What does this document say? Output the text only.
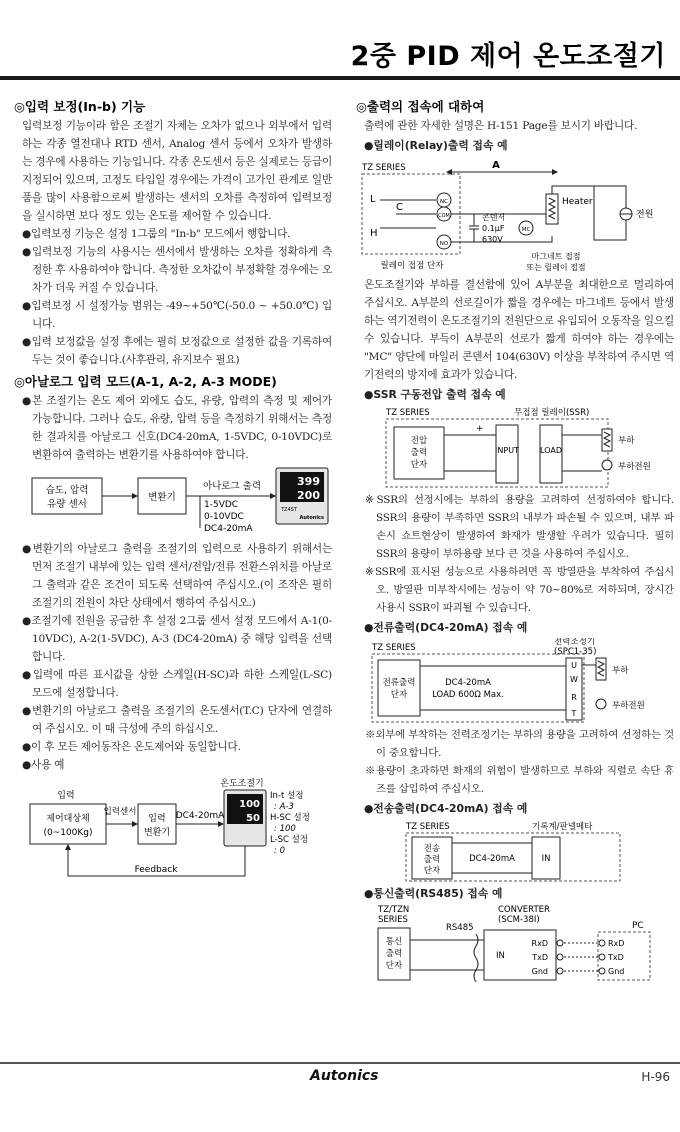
2중 PID 제어 온도조절기
◎입력 보정(In-b) 기능
입력보정 기능이라 함은 조절기 자체는 오차가 없으나 외부에서 입력하는 각종 열전대나 RTD 센서, Analog 센서 등에서 오차가 발생하는 경우에 사용하는 기능입니다. 각종 온도센서 등은 실제로는 등급이 지정되어 있으며, 고정도 타입일 경우에는 가격이 고가인 관계로 일반품을 많이 사용함으로써 발생하는 센서의 오차를 측정하여 입력보정을 실시하면 보다 정도 있는 온도를 제어할 수 있습니다.
●입력보정 기능은 설정 1그룹의 "In-b" 모드에서 행합니다.
●입력보정 기능의 사용시는 센서에서 발생하는 오차를 정확하게 측정한 후 사용하여야 합니다. 측정한 오차값이 부정확할 경우에는 오차가 더욱 커질 수 있습니다.
●입력보정 시 설정가능 범위는 -49~+50℃(-50.0 ~ +50.0℃) 입니다.
●입력 보정값을 설정 후에는 필히 보정값으로 설정한 값을 기록하여 두는 것이 좋습니다.(사후관리, 유지보수 필요)
◎아날로그 입력 모드(A-1, A-2, A-3 MODE)
●본 조절기는 온도 제어 외에도 습도, 유량, 압력의 측정 및 제어가 가능합니다. 그러나 습도, 유량, 압력 등을 측정하기 위해서는 측정한 결과치를 아날로그 신호(DC4-20mA, 1-5VDC, 0-10VDC)로 변환하여 출력하는 변환기를 사용하여야 합니다.
습도, 압력
유량 센서
변환기
아나로그 출력
1-5VDC
0-10VDC
DC4-20mA
399
200
TZ4ST
Autonics
●변환기의 아날로그 출력을 조절기의 입력으로 사용하기 위해서는 먼저 조절기 내부에 있는 입력 센서/전압/전류 전환스위치를 아날로그 출력과 같은 조건이 되도록 선택하여 주십시오.(이 조작은 필히 조절기의 전원이 차단 상태에서 행하여 주십시오.)
●조절기에 전원을 공급한 후 설정 2그룹 센서 설정 모드에서 A-1(0-10VDC), A-2(1-5VDC), A-3 (DC4-20mA) 중 해당 입력을 선택합니다.
●입력에 따른 표시값을 상한 스케일(H-SC)과 하한 스케일(L-SC) 모드에 설정합니다.
●변환기의 아날로그 출력을 조절기의 온도센서(T.C) 단자에 연결하여 주십시오. 이 때 극성에 주의 하십시오.
●이 후 모든 제어동작은 온도제어와 동일합니다.
●사용 예
온도조절기
입력
제어대상체
(0~100Kg)
입력센서
입력
변환기
DC4-20mA
100
50
In-t 설정
: A-3
H-SC 설정
: 100
L-SC 설정
: 0
Feedback
◎출력의 접속에 대하여
출력에 관한 자세한 설명은 H-151 Page를 보시기 바랍니다.
●릴레이(Relay)출력 접속 예
TZ SERIES
L
C
H
NC
COM
NO
A
Heater
전원
콘덴서
0.1μF
630V
MC
릴레이 접점 단자
마그네트 접점
또는 릴레이 접점
온도조절기와 부하를 결선함에 있어 A부분을 최대한으로 멀리하여 주십시오. A부분의 선로길이가 짧을 경우에는 마그네트 등에서 발생하는 역기전력이 온도조절기의 전원단으로 유입되어 오동작을 일으킬 수 있습니다. 부득이 A부분의 선로가 짧게 하여야 하는 경우에는 "MC" 양단에 마일러 콘덴서 104(630V) 이상을 부착하여 주시면 역기전력의 방지에 효과가 있습니다.
●SSR 구동전압 출력 접속 예
TZ SERIES	무접점 릴레이(SSR)
전압
출력
단자
+
INPUT	LOAD
부하
부하전원
※SSR의 선정시에는 부하의 용량을 고려하여 선정하여야 합니다. SSR의 용량이 부족하면 SSR의 내부가 파손될 수 있으며, 내부 파손시 쇼트현상이 발생하여 화재가 발생할 우려가 있습니다. 필히 SSR의 용량이 부하용량 보다 큰 것을 사용하여 주십시오.
※SSR에 표시된 성능으로 사용하려면 꼭 방열판을 부착하여 주십시오. 방열판 미부착시에는 성능이 약 70~80%로 저하되며, 장시간 사용시 SSR이 파괴될 수 있습니다.
●전류출력(DC4-20mA) 접속 예
TZ SERIES
전력조정기
(SPC1-35)
전류출력
단자
DC4-20mA
LOAD 600Ω Max.
U
W
R
T
부하
부하전원
※외부에 부착하는 전력조정기는 부하의 용량을 고려하여 선정하는 것이 중요합니다.
※용량이 초과하면 화재의 위험이 발생하므로 부하와 직렬로 속단 휴즈를 삽입하여 주십시오.
●전송출력(DC4-20mA) 접속 예
TZ SERIES	기록계/판넬메타
전송
출력
단자
DC4-20mA	IN
●통신출력(RS485) 접속 예
TZ/TZN
SERIES
RS485
CONVERTER
(SCM-38I)
PC
통신
출력
단자
IN
RxD
TxD
Gnd
RxD
TxD
Gnd
Autonics	H-96
